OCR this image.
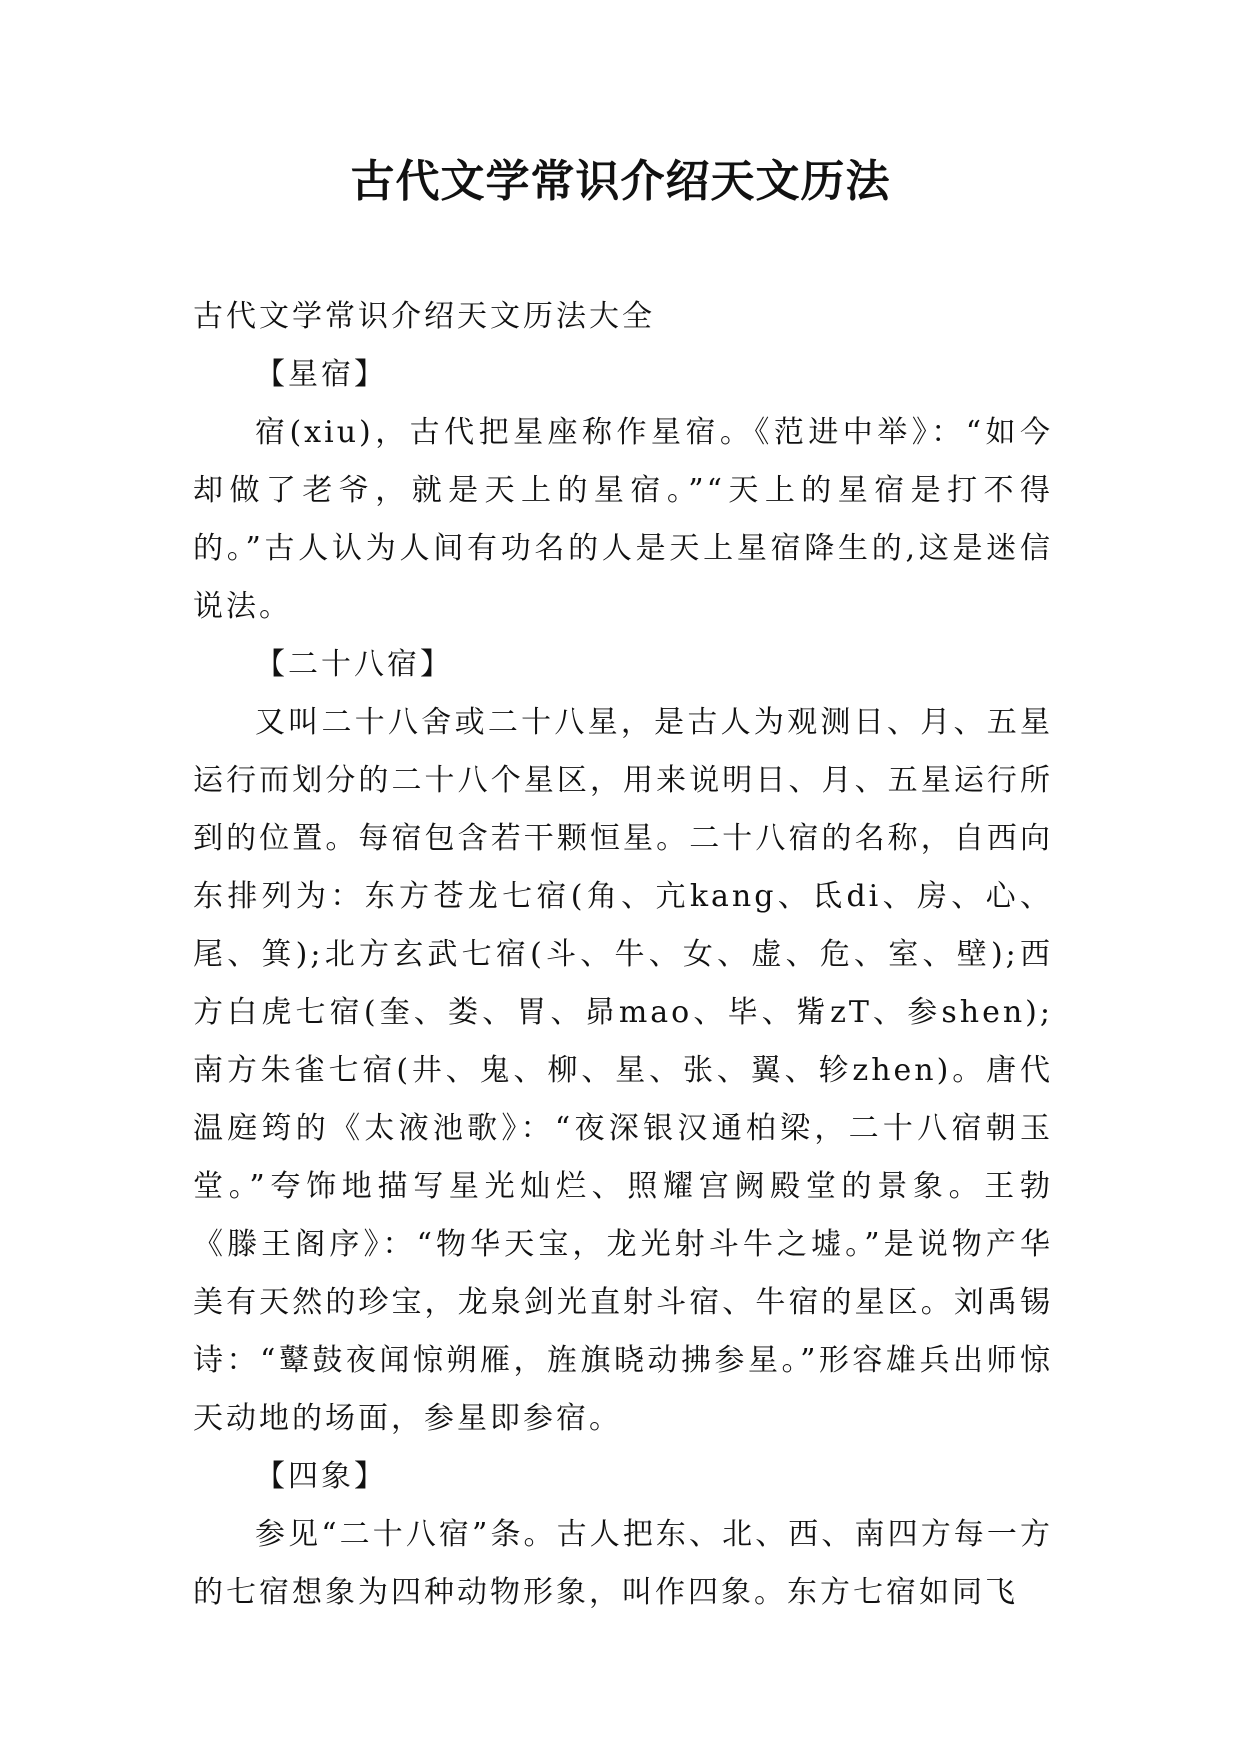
古代文学常识介绍天文历法

古代文学常识介绍天文历法大全

【星宿】

宿(xiu)，古代把星座称作星宿。《范进中举》：“如今却做了老爷，就是天上的星宿。”“天上的星宿是打不得的。”古人认为人间有功名的人是天上星宿降生的,这是迷信说法。

【二十八宿】

又叫二十八舍或二十八星，是古人为观测日、月、五星运行而划分的二十八个星区，用来说明日、月、五星运行所到的位置。每宿包含若干颗恒星。二十八宿的名称，自西向东排列为：东方苍龙七宿(角、亢kang、氐di、房、心、尾、箕);北方玄武七宿(斗、牛、女、虚、危、室、壁);西方白虎七宿(奎、娄、胃、昴mao、毕、觜zT、参shen);南方朱雀七宿(井、鬼、柳、星、张、翼、轸zhen)。唐代温庭筠的《太液池歌》：“夜深银汉通柏梁，二十八宿朝玉堂。”夸饰地描写星光灿烂、照耀宫阙殿堂的景象。王勃《滕王阁序》：“物华天宝，龙光射斗牛之墟。”是说物产华美有天然的珍宝，龙泉剑光直射斗宿、牛宿的星区。刘禹锡诗：“鼙鼓夜闻惊朔雁，旌旗晓动拂参星。”形容雄兵出师惊天动地的场面，参星即参宿。

【四象】

参见“二十八宿”条。古人把东、北、西、南四方每一方的七宿想象为四种动物形象，叫作四象。东方七宿如同飞
